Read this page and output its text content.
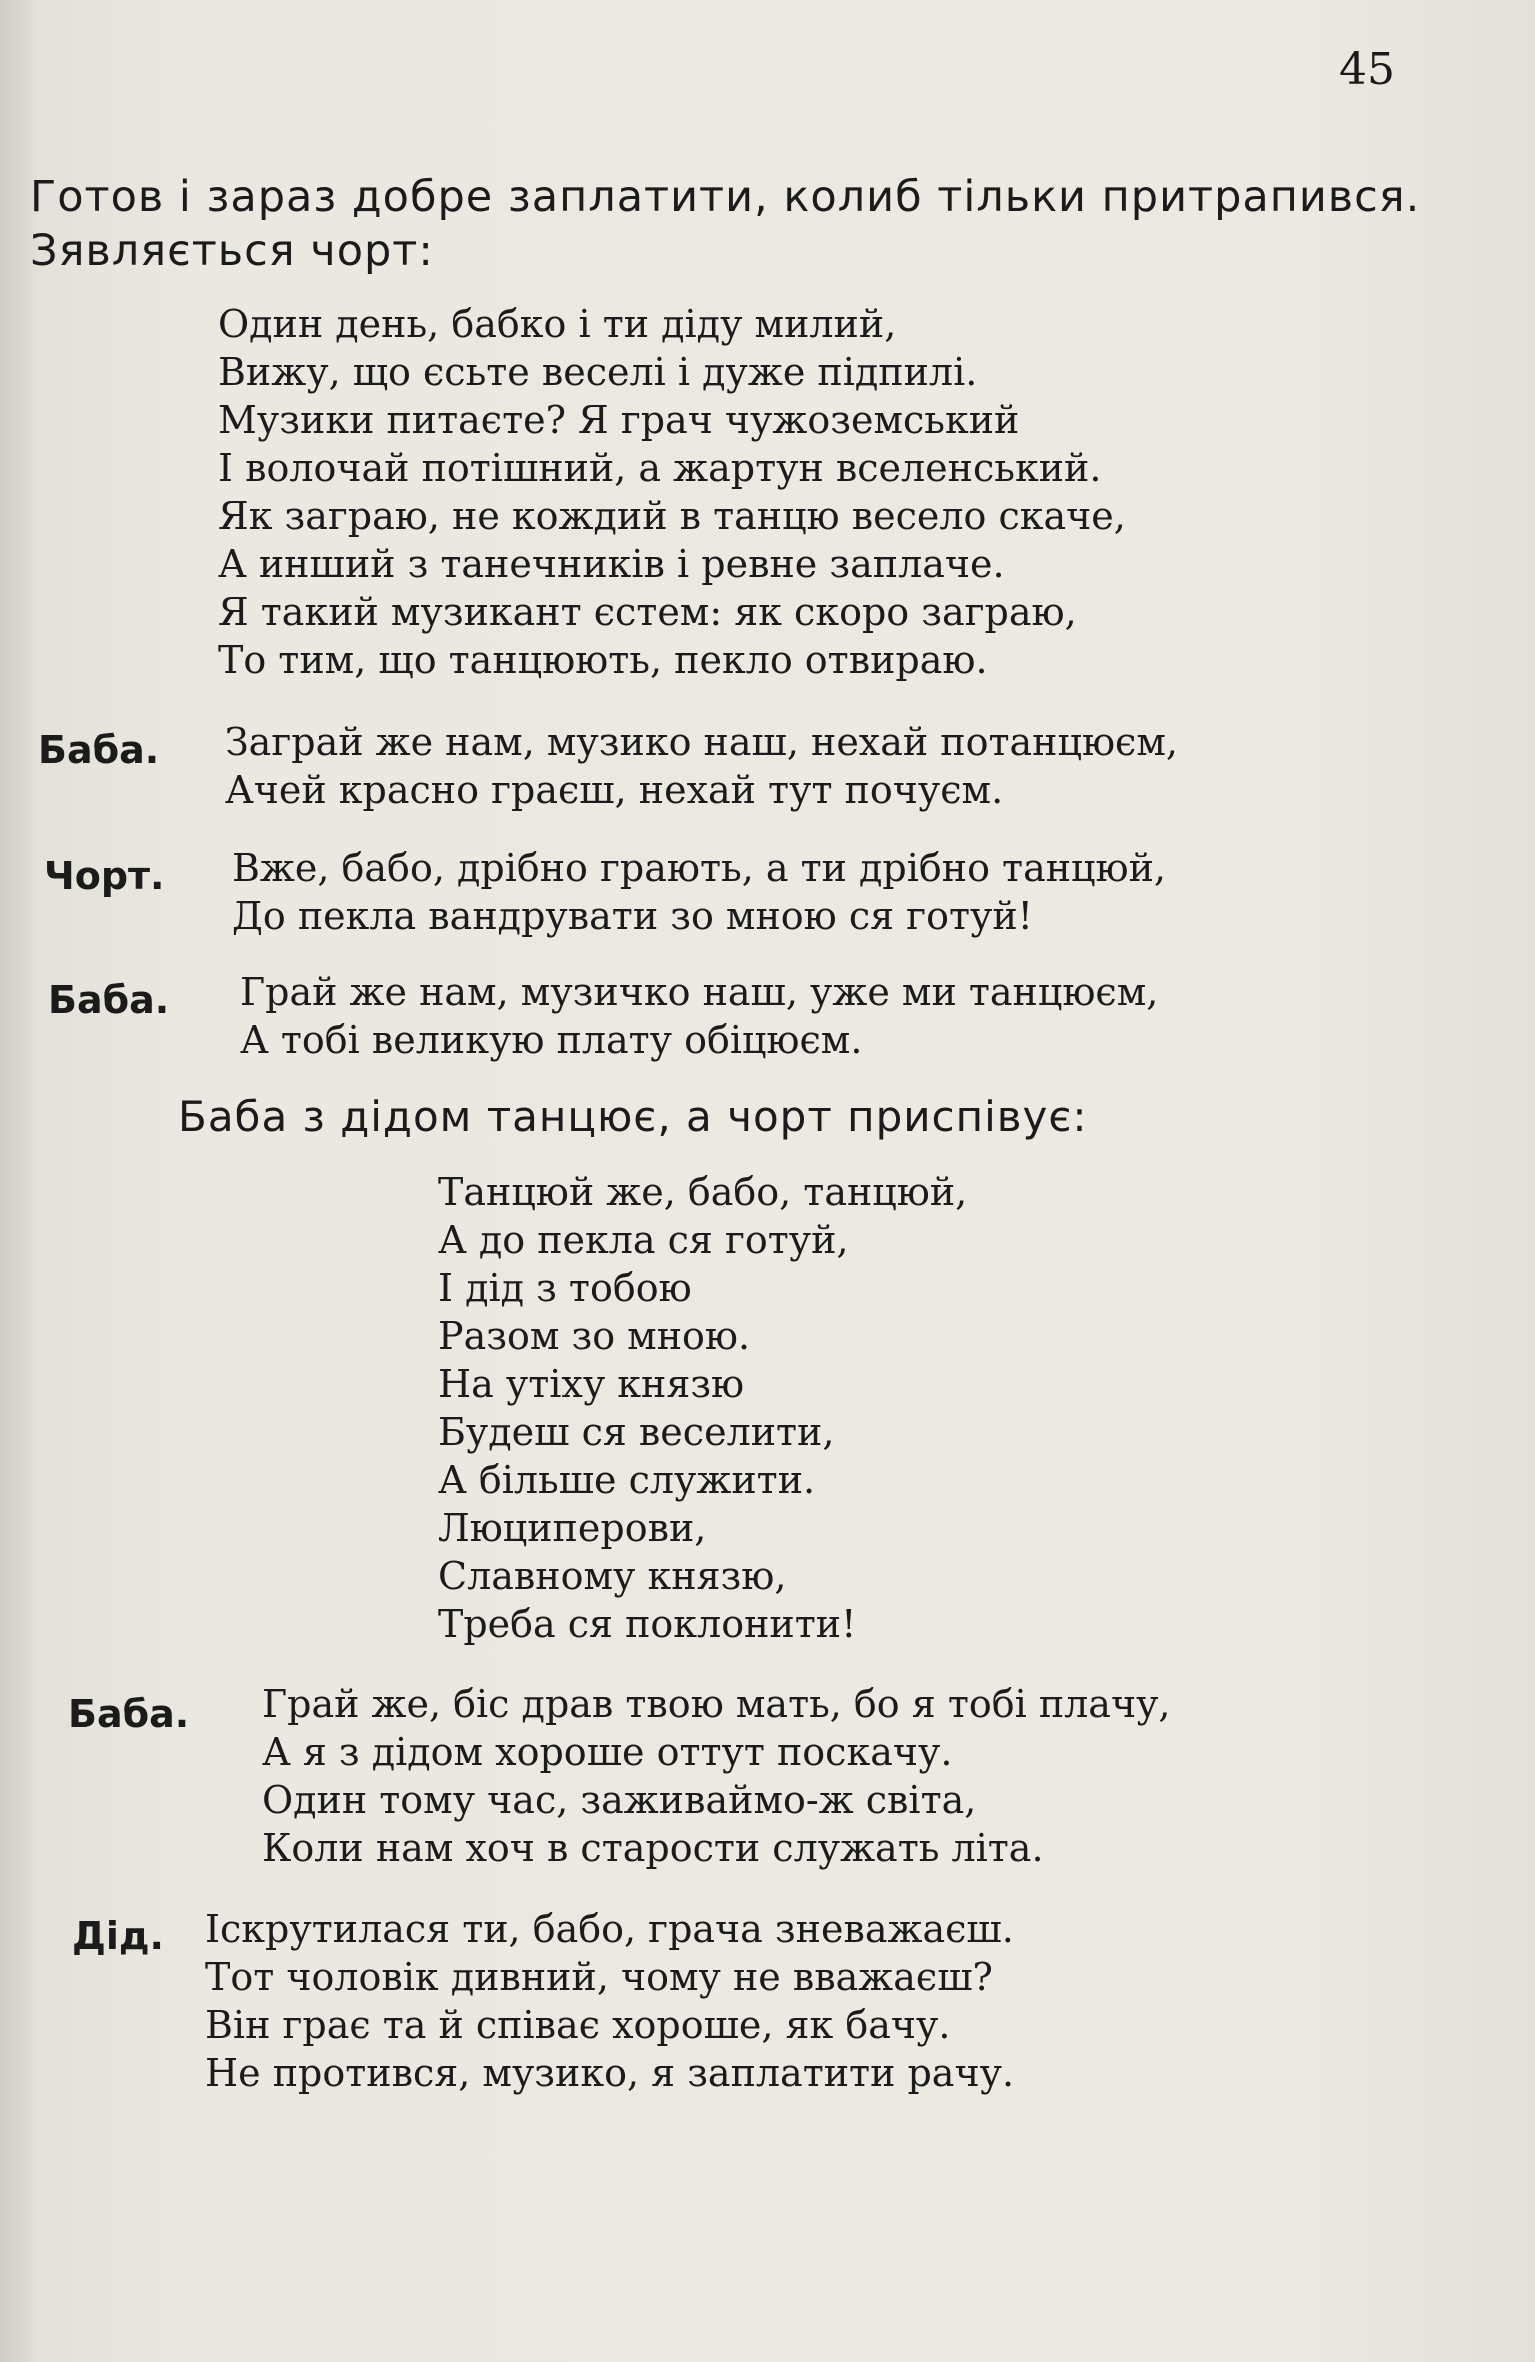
45
Готов і зараз добре заплатити, колиб тільки притрапився. Зявляється чорт:
Один день, бабко і ти діду милий,
Вижу, що єсьте веселі і дуже підпилі.
Музики питаєте? Я грач чужоземський
І волочай потішний, а жартун вселенський.
Як заграю, не кождий в танцю весело скаче,
А инший з танечників і ревне заплаче.
Я такий музикант єстем: як скоро заграю,
То тим, що танцюють, пекло отвираю.
Баба. Заграй же нам, музико наш, нехай потанцюєм,
Ачей красно граєш, нехай тут почуєм.
Чорт. Вже, бабо, дрібно грають, а ти дрібно танцюй,
До пекла вандрувати зо мною ся готуй!
Баба. Грай же нам, музичко наш, уже ми танцюєм,
А тобі великую плату обіцюєм.
Баба з дідом танцює, а чорт приспівує:
Танцюй же, бабо, танцюй,
А до пекла ся готуй,
І дід з тобою
Разом зо мною.
На утіху князю
Будеш ся веселити,
А більше служити.
Люциперови,
Славному князю,
Треба ся поклонити!
Баба. Грай же, біс драв твою мать, бо я тобі плачу,
А я з дідом хороше оттут поскачу.
Один тому час, заживаймо-ж світа,
Коли нам хоч в старости служать літа.
Дід. Іскрутилася ти, бабо, грача зневажаєш.
Тот чоловік дивний, чому не вважаєш?
Він грає та й співає хороше, як бачу.
Не протився, музико, я заплатити рачу.
